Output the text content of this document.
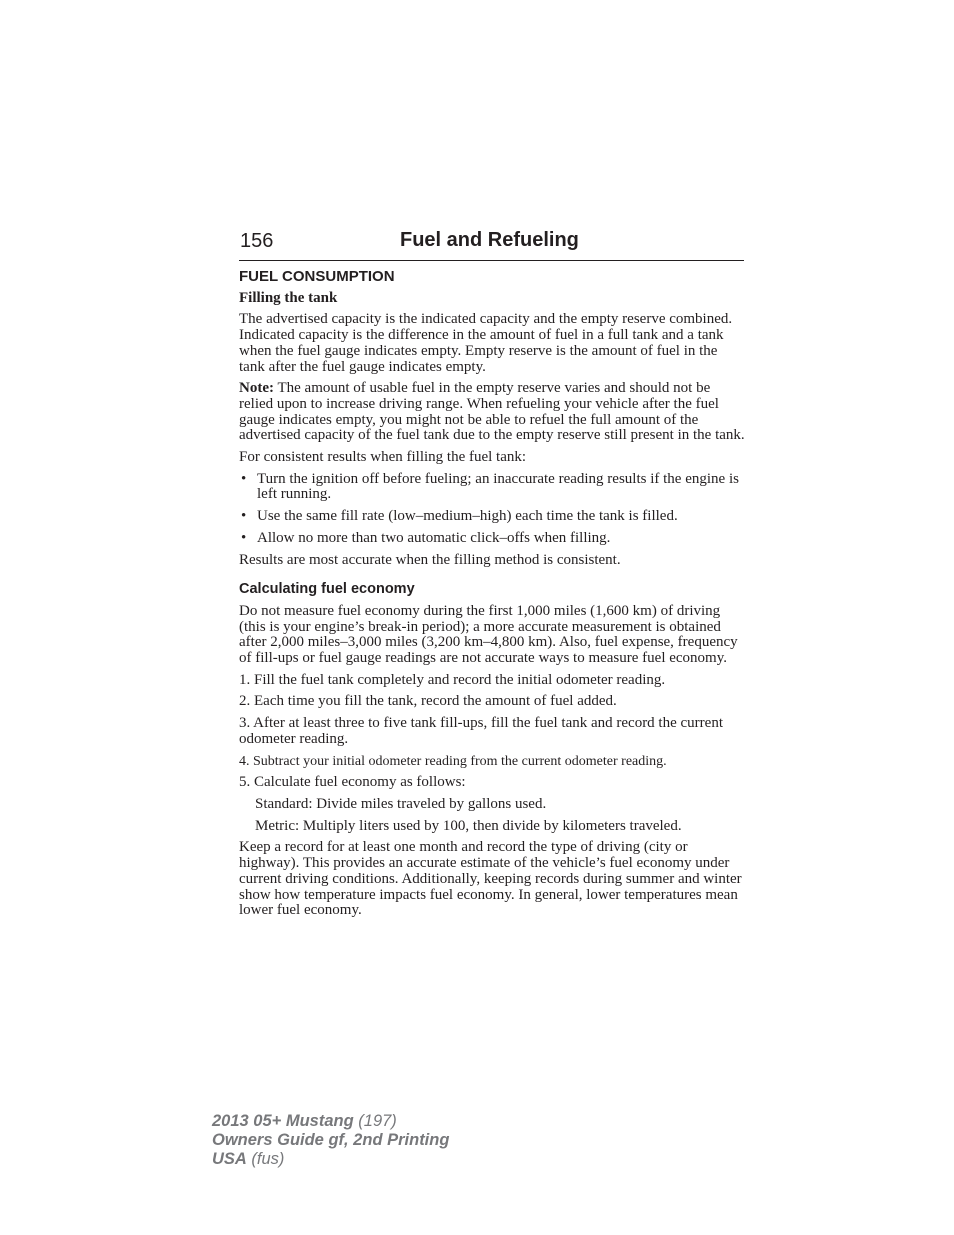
156	Fuel and Refueling
FUEL CONSUMPTION
Filling the tank

The advertised capacity is the indicated capacity and the empty reserve combined. Indicated capacity is the difference in the amount of fuel in a full tank and a tank when the fuel gauge indicates empty. Empty reserve is the amount of fuel in the tank after the fuel gauge indicates empty.

Note: The amount of usable fuel in the empty reserve varies and should not be relied upon to increase driving range. When refueling your vehicle after the fuel gauge indicates empty, you might not be able to refuel the full amount of the advertised capacity of the fuel tank due to the empty reserve still present in the tank.

For consistent results when filling the fuel tank:

• Turn the ignition off before fueling; an inaccurate reading results if the engine is left running.
• Use the same fill rate (low–medium–high) each time the tank is filled.
• Allow no more than two automatic click–offs when filling.

Results are most accurate when the filling method is consistent.

Calculating fuel economy

Do not measure fuel economy during the first 1,000 miles (1,600 km) of driving (this is your engine’s break-in period); a more accurate measurement is obtained after 2,000 miles–3,000 miles (3,200 km–4,800 km). Also, fuel expense, frequency of fill-ups or fuel gauge readings are not accurate ways to measure fuel economy.

1. Fill the fuel tank completely and record the initial odometer reading.

2. Each time you fill the tank, record the amount of fuel added.

3. After at least three to five tank fill-ups, fill the fuel tank and record the current odometer reading.

4. Subtract your initial odometer reading from the current odometer reading.

5. Calculate fuel economy as follows:

Standard: Divide miles traveled by gallons used.

Metric: Multiply liters used by 100, then divide by kilometers traveled.

Keep a record for at least one month and record the type of driving (city or highway). This provides an accurate estimate of the vehicle’s fuel economy under current driving conditions. Additionally, keeping records during summer and winter show how temperature impacts fuel economy. In general, lower temperatures mean lower fuel economy.

2013 05+ Mustang (197)
Owners Guide gf, 2nd Printing
USA (fus)
